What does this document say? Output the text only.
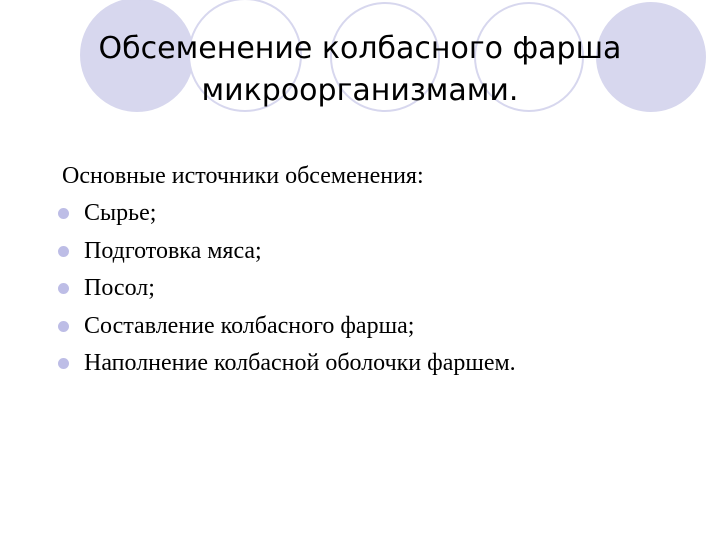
Обсеменение колбасного фарша
микроорганизмами.
Основные источники обсеменения:
Сырье;
Подготовка мяса;
Посол;
Составление колбасного фарша;
Наполнение колбасной оболочки фаршем.
